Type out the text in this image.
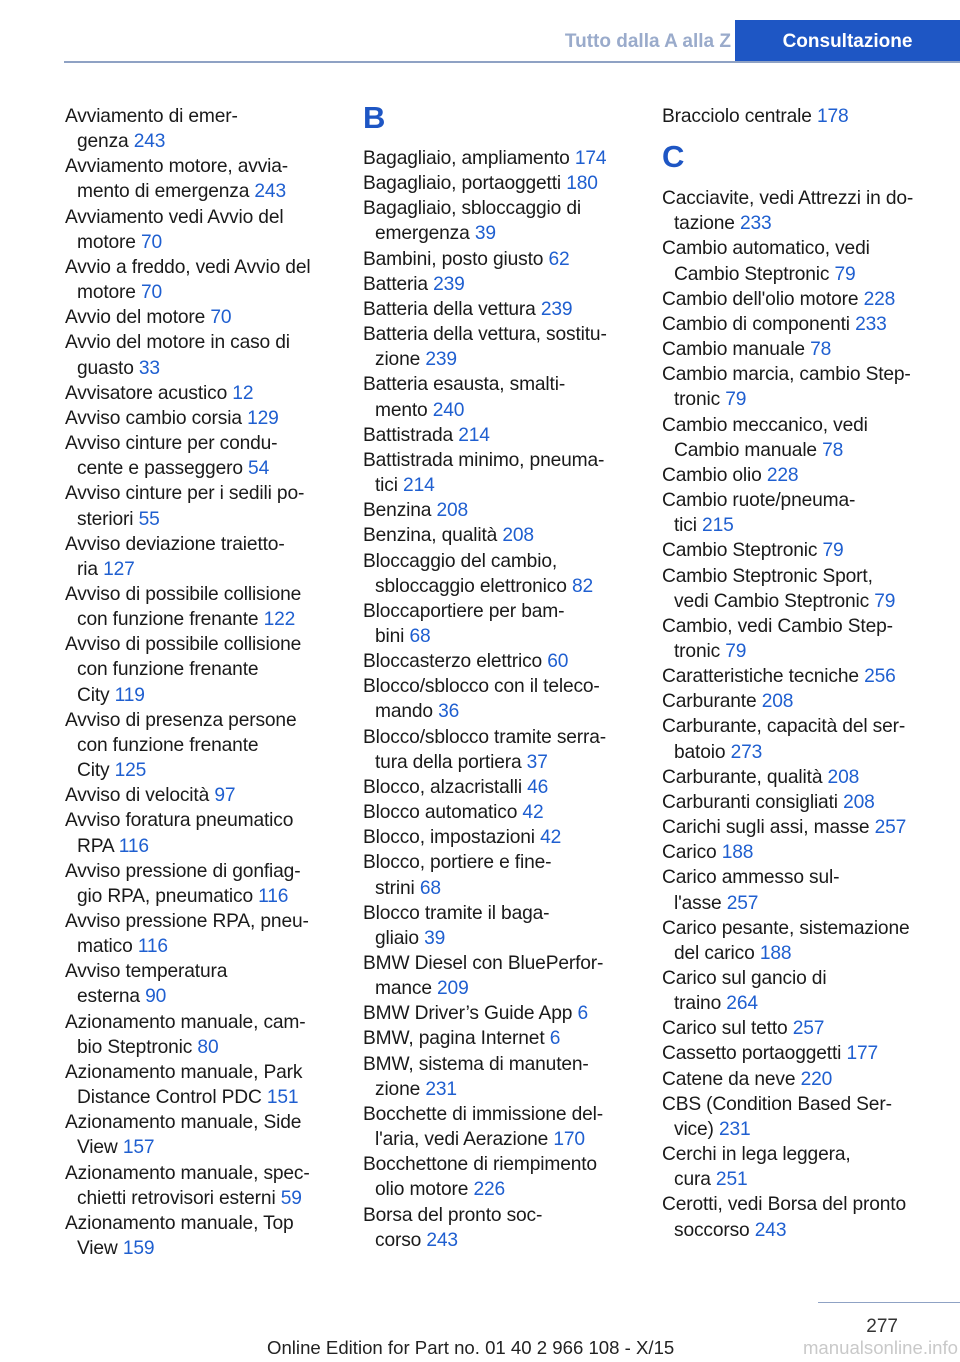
Tutto dalla A alla Z	Consultazione
Avviamento di emer-
genza 243
Avviamento motore, avvia-
mento di emergenza 243
Avviamento vedi Avvio del
motore 70
Avvio a freddo, vedi Avvio del
motore 70
Avvio del motore 70
Avvio del motore in caso di
guasto 33
Avvisatore acustico 12
Avviso cambio corsia 129
Avviso cinture per condu-
cente e passeggero 54
Avviso cinture per i sedili po-
steriori 55
Avviso deviazione traietto-
ria 127
Avviso di possibile collisione
con funzione frenante 122
Avviso di possibile collisione
con funzione frenante
City 119
Avviso di presenza persone
con funzione frenante
City 125
Avviso di velocità 97
Avviso foratura pneumatico
RPA 116
Avviso pressione di gonfiag-
gio RPA, pneumatico 116
Avviso pressione RPA, pneu-
matico 116
Avviso temperatura
esterna 90
Azionamento manuale, cam-
bio Steptronic 80
Azionamento manuale, Park
Distance Control PDC 151
Azionamento manuale, Side
View 157
Azionamento manuale, spec-
chietti retrovisori esterni 59
Azionamento manuale, Top
View 159
B
Bagagliaio, ampliamento 174
Bagagliaio, portaoggetti 180
Bagagliaio, sbloccaggio di
emergenza 39
Bambini, posto giusto 62
Batteria 239
Batteria della vettura 239
Batteria della vettura, sostitu-
zione 239
Batteria esausta, smalti-
mento 240
Battistrada 214
Battistrada minimo, pneuma-
tici 214
Benzina 208
Benzina, qualità 208
Bloccaggio del cambio,
sbloccaggio elettronico 82
Bloccaportiere per bam-
bini 68
Bloccasterzo elettrico 60
Blocco/sblocco con il teleco-
mando 36
Blocco/sblocco tramite serra-
tura della portiera 37
Blocco, alzacristalli 46
Blocco automatico 42
Blocco, impostazioni 42
Blocco, portiere e fine-
strini 68
Blocco tramite il baga-
gliaio 39
BMW Diesel con BluePerfor-
mance 209
BMW Driver’s Guide App 6
BMW, pagina Internet 6
BMW, sistema di manuten-
zione 231
Bocchette di immissione del-
l'aria, vedi Aerazione 170
Bocchettone di riempimento
olio motore 226
Borsa del pronto soc-
corso 243
Bracciolo centrale 178
C
Cacciavite, vedi Attrezzi in do-
tazione 233
Cambio automatico, vedi
Cambio Steptronic 79
Cambio dell'olio motore 228
Cambio di componenti 233
Cambio manuale 78
Cambio marcia, cambio Step-
tronic 79
Cambio meccanico, vedi
Cambio manuale 78
Cambio olio 228
Cambio ruote/pneuma-
tici 215
Cambio Steptronic 79
Cambio Steptronic Sport,
vedi Cambio Steptronic 79
Cambio, vedi Cambio Step-
tronic 79
Caratteristiche tecniche 256
Carburante 208
Carburante, capacità del ser-
batoio 273
Carburante, qualità 208
Carburanti consigliati 208
Carichi sugli assi, masse 257
Carico 188
Carico ammesso sul-
l'asse 257
Carico pesante, sistemazione
del carico 188
Carico sul gancio di
traino 264
Carico sul tetto 257
Cassetto portaoggetti 177
Catene da neve 220
CBS (Condition Based Ser-
vice) 231
Cerchi in lega leggera,
cura 251
Cerotti, vedi Borsa del pronto
soccorso 243
277
Online Edition for Part no. 01 40 2 966 108 - X/15	manualsonline.info
